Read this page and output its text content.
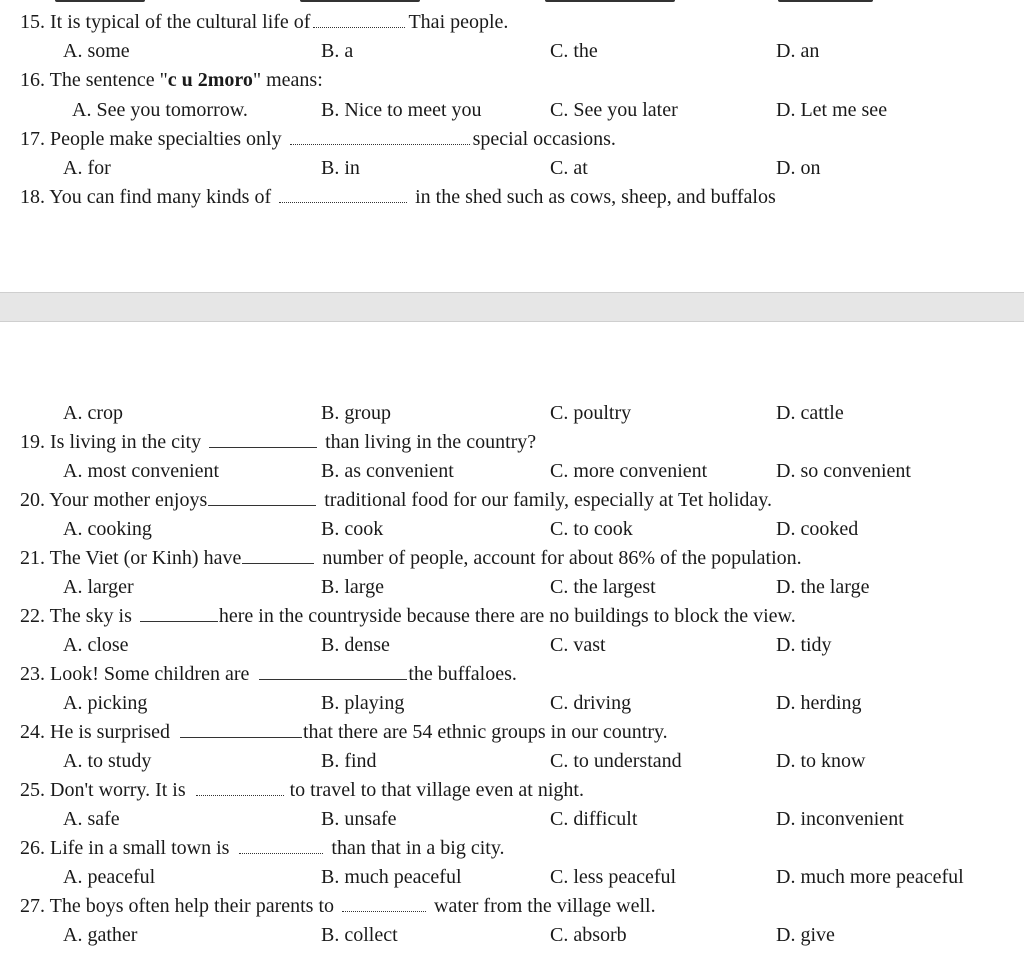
15. It is typical of the cultural life of	Thai people.
A. some	B. a	C. the	D. an
16. The sentence "c u 2moro" means:
A. See you tomorrow.	B. Nice to meet you	C. See you later	D. Let me see
17. People make specialties only	special occasions.
A. for	B. in	C. at	D. on
18. You can find many kinds of	in the shed such as cows, sheep, and buffalos
A. crop	B. group	C. poultry	D. cattle
19. Is living in the city	than living in the country?
A. most convenient	B. as convenient	C. more convenient	D. so convenient
20. Your mother enjoys	traditional food for our family, especially at Tet holiday.
A. cooking	B. cook	C. to cook	D. cooked
21. The Viet (or Kinh) have	number of people, account for about 86% of the population.
A. larger	B. large	C. the largest	D. the large
22. The sky is	here in the countryside because there are no buildings to block the view.
A. close	B. dense	C. vast	D. tidy
23. Look! Some children are	the buffaloes.
A. picking	B. playing	C. driving	D. herding
24. He is surprised	that there are 54 ethnic groups in our country.
A. to study	B. find	C. to understand	D. to know
25. Don't worry. It is	to travel to that village even at night.
A. safe	B. unsafe	C. difficult	D. inconvenient
26. Life in a small town is	than that in a big city.
A. peaceful	B. much peaceful	C. less peaceful	D. much more peaceful
27. The boys often help their parents to	water from the village well.
A. gather	B. collect	C. absorb	D. give
